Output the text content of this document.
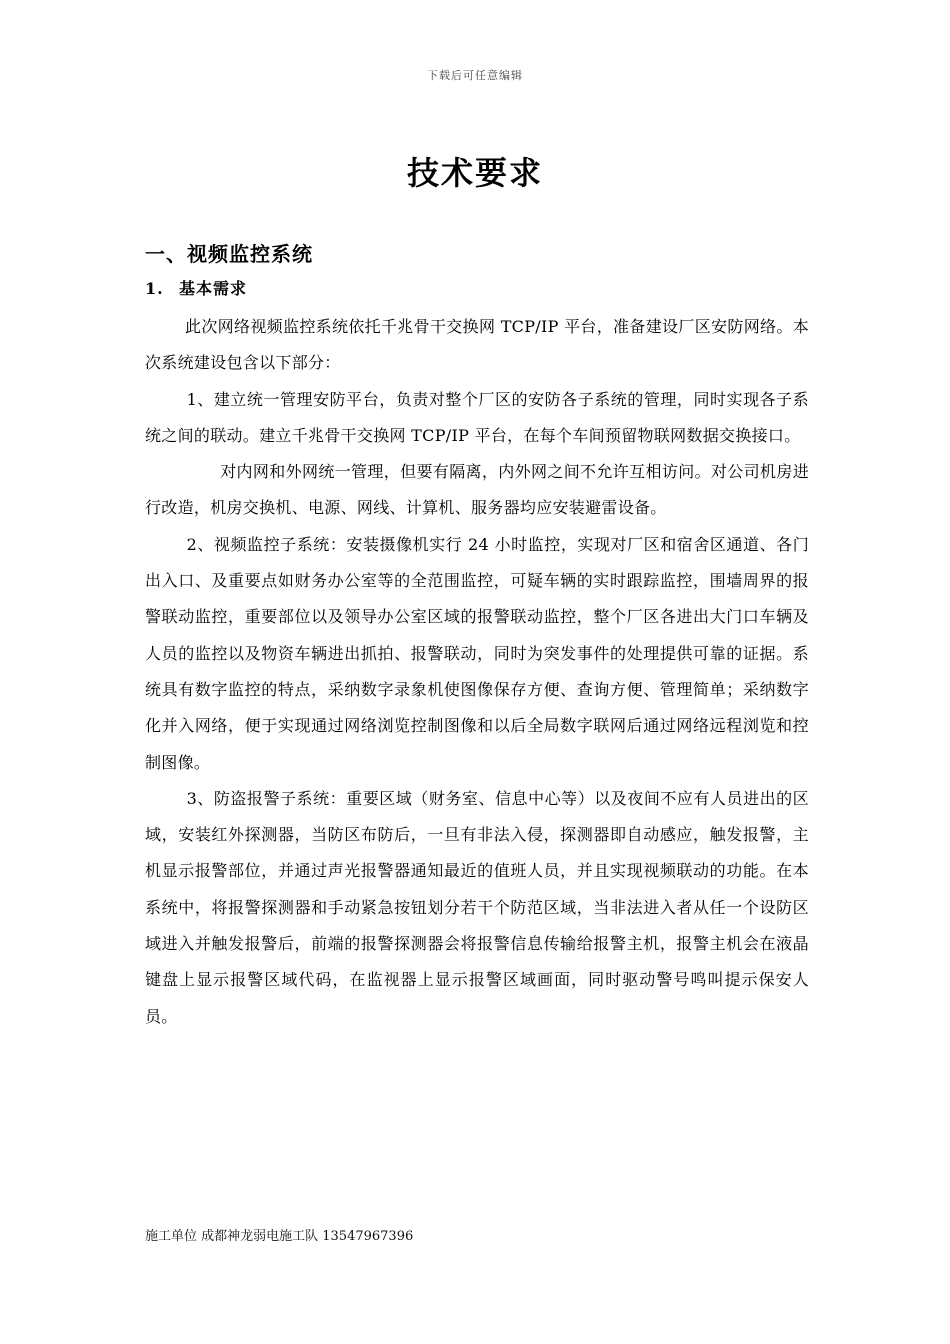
下载后可任意编辑
技术要求
一、视频监控系统
1. 基本需求

此次网络视频监控系统依托千兆骨干交换网 TCP/IP 平台，准备建设厂区安防网络。本次系统建设包含以下部分：

1、建立统一管理安防平台，负责对整个厂区的安防各子系统的管理，同时实现各子系统之间的联动。建立千兆骨干交换网 TCP/IP 平台，在每个车间预留物联网数据交换接口。

对内网和外网统一管理，但要有隔离，内外网之间不允许互相访问。对公司机房进行改造，机房交换机、电源、网线、计算机、服务器均应安装避雷设备。

2、视频监控子系统：安装摄像机实行 24 小时监控，实现对厂区和宿舍区通道、各门出入口、及重要点如财务办公室等的全范围监控，可疑车辆的实时跟踪监控，围墙周界的报警联动监控，重要部位以及领导办公室区域的报警联动监控，整个厂区各进出大门口车辆及人员的监控以及物资车辆进出抓拍、报警联动，同时为突发事件的处理提供可靠的证据。系统具有数字监控的特点，采纳数字录象机使图像保存方便、查询方便、管理简单；采纳数字化并入网络，便于实现通过网络浏览控制图像和以后全局数字联网后通过网络远程浏览和控制图像。

3、防盗报警子系统：重要区域（财务室、信息中心等）以及夜间不应有人员进出的区域，安装红外探测器，当防区布防后，一旦有非法入侵，探测器即自动感应，触发报警，主机显示报警部位，并通过声光报警器通知最近的值班人员，并且实现视频联动的功能。在本系统中，将报警探测器和手动紧急按钮划分若干个防范区域，当非法进入者从任一个设防区域进入并触发报警后，前端的报警探测器会将报警信息传输给报警主机，报警主机会在液晶键盘上显示报警区域代码，在监视器上显示报警区域画面，同时驱动警号鸣叫提示保安人员。

施工单位 成都神龙弱电施工队 13547967396
